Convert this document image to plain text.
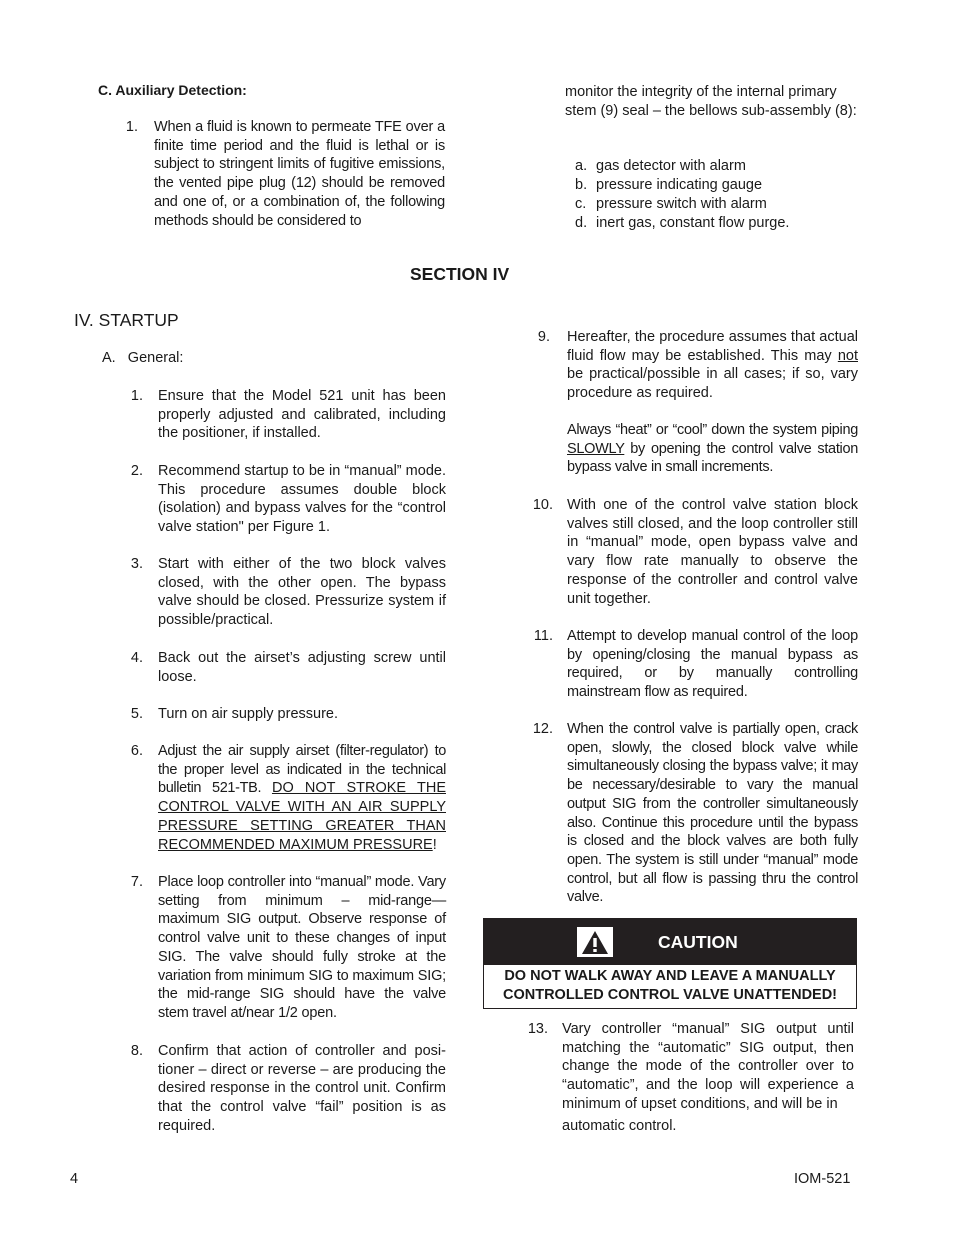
C. Auxiliary Detection:
1. When a fluid is known to permeate TFE over a finite time period and the fluid is lethal or is subject to stringent limits of fugitive emissions, the vented pipe plug (12) should be removed and one of, or a combination of, the following methods should be considered to
monitor the integrity of the internal primary stem (9) seal – the bellows sub-assembly (8):
a. gas detector with alarm
b. pressure indicating gauge
c. pressure switch with alarm
d. inert gas, constant flow purge.
SECTION IV
IV. STARTUP
A.   General:
1. Ensure that the Model 521 unit has been properly adjusted and calibrated, including the positioner, if installed.
2. Recommend startup to be in “manual” mode. This procedure assumes double block (isolation) and bypass valves for the “control valve station" per Figure 1.
3. Start with either of the two block valves closed, with the other open. The bypass valve should be closed. Pressurize system if possible/practical.
4. Back out the airset’s adjusting screw until loose.
5. Turn on air supply pressure.
6. Adjust the air supply airset (filter-regulator) to the proper level as indicated in the technical bulletin 521-TB. DO NOT STROKE THE CONTROL VALVE WITH AN AIR SUPPLY PRESSURE SETTING GREATER THAN RECOMMENDED MAXIMUM PRESSURE!
7. Place loop controller into “manual” mode. Vary setting from minimum – mid-range— maximum SIG output. Observe response of control valve unit to these changes of input SIG. The valve should fully stroke at the variation from minimum SIG to maximum SIG; the mid-range SIG should have the valve stem travel at/near 1/2 open.
8. Confirm that action of controller and positioner – direct or reverse – are producing the desired response in the control unit. Confirm that the control valve “fail” position is as required.
9. Hereafter, the procedure assumes that actual fluid flow may be established. This may not be practical/possible in all cases; if so, vary procedure as required.
Always “heat” or “cool” down the system piping SLOWLY by opening the control valve station bypass valve in small increments.
10. With one of the control valve station block valves still closed, and the loop controller still in “manual” mode, open bypass valve and vary flow rate manually to observe the response of the controller and control valve unit together.
11. Attempt to develop manual control of the loop by opening/closing the manual bypass as required, or by manually controlling mainstream flow as required.
12. When the control valve is partially open, crack open, slowly, the closed block valve while simultaneously closing the bypass valve; it may be necessary/desirable to vary the manual output SIG from the controller simultaneously also. Continue this procedure until the bypass is closed and the block valves are both fully open. The system is still under “manual” mode control, but all flow is passing thru the control valve.
CAUTION
DO NOT WALK AWAY AND LEAVE A MANUALLY
CONTROLLED CONTROL VALVE UNATTENDED!
13. Vary controller “manual” SIG output until matching the “automatic” SIG output, then change the mode of the controller over to “automatic”, and the loop will experience a minimum of upset conditions, and will be in
automatic control.
4	IOM-521
